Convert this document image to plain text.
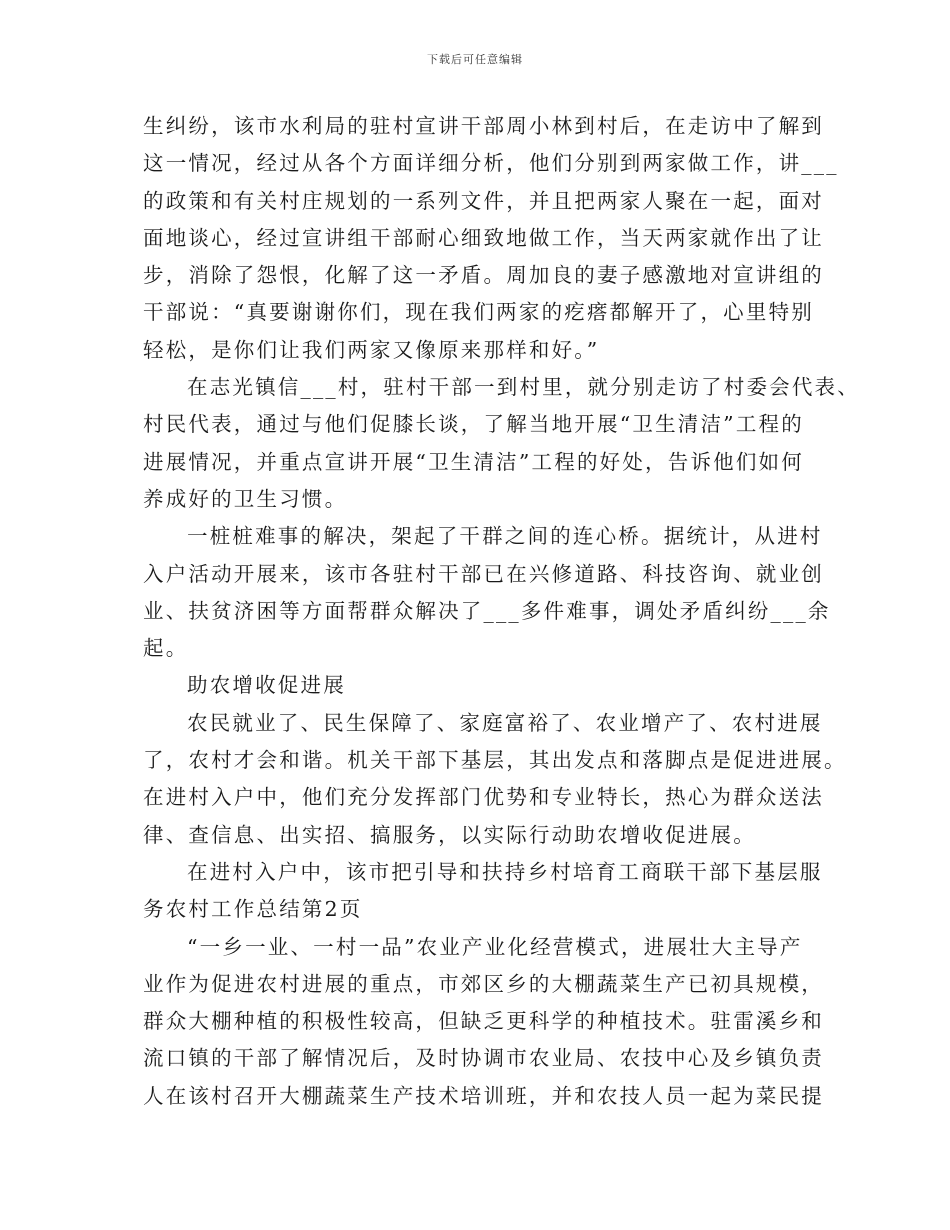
下载后可任意编辑
生纠纷，该市水利局的驻村宣讲干部周小林到村后，在走访中了解到
这一情况，经过从各个方面详细分析，他们分别到两家做工作，讲___
的政策和有关村庄规划的一系列文件，并且把两家人聚在一起，面对
面地谈心，经过宣讲组干部耐心细致地做工作，当天两家就作出了让
步，消除了怨恨，化解了这一矛盾。周加良的妻子感激地对宣讲组的
干部说：“真要谢谢你们，现在我们两家的疙瘩都解开了，心里特别
轻松，是你们让我们两家又像原来那样和好。”
在志光镇信___村，驻村干部一到村里，就分别走访了村委会代表、
村民代表，通过与他们促膝长谈，了解当地开展“卫生清洁”工程的
进展情况，并重点宣讲开展“卫生清洁”工程的好处，告诉他们如何
养成好的卫生习惯。
一桩桩难事的解决，架起了干群之间的连心桥。据统计，从进村
入户活动开展来，该市各驻村干部已在兴修道路、科技咨询、就业创
业、扶贫济困等方面帮群众解决了___多件难事，调处矛盾纠纷___余
起。
助农增收促进展
农民就业了、民生保障了、家庭富裕了、农业增产了、农村进展
了，农村才会和谐。机关干部下基层，其出发点和落脚点是促进进展。
在进村入户中，他们充分发挥部门优势和专业特长，热心为群众送法
律、查信息、出实招、搞服务，以实际行动助农增收促进展。
在进村入户中，该市把引导和扶持乡村培育工商联干部下基层服
务农村工作总结第2页
“一乡一业、一村一品”农业产业化经营模式，进展壮大主导产
业作为促进农村进展的重点，市郊区乡的大棚蔬菜生产已初具规模，
群众大棚种植的积极性较高，但缺乏更科学的种植技术。驻雷溪乡和
流口镇的干部了解情况后，及时协调市农业局、农技中心及乡镇负责
人在该村召开大棚蔬菜生产技术培训班，并和农技人员一起为菜民提
